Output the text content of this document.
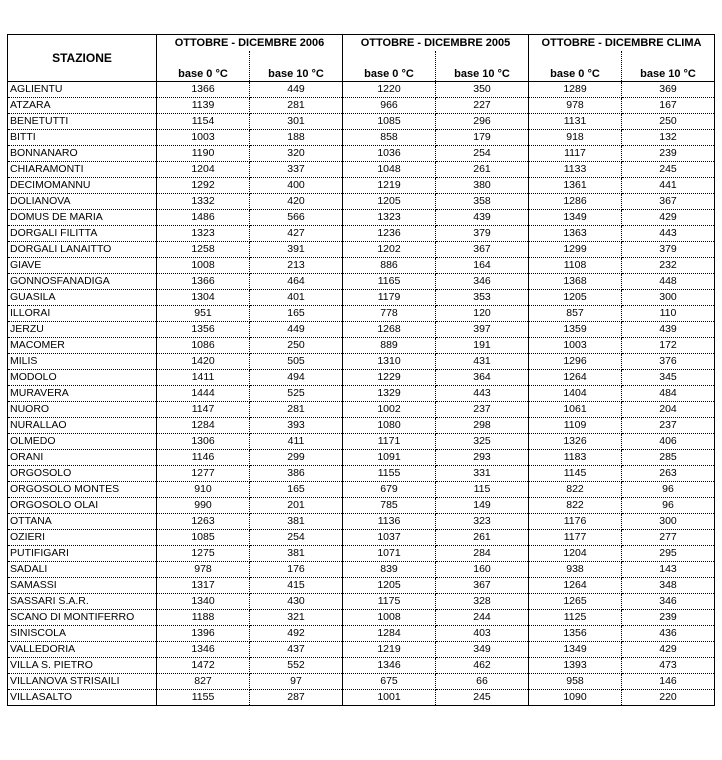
STAZIONE	OTTOBRE - DICEMBRE 2006		OTTOBRE - DICEMBRE 2005		OTTOBRE - DICEMBRE CLIMA	
	base 0 °C	base 10 °C	base 0 °C	base 10 °C	base 0 °C	base 10 °C
AGLIENTU	1366	449	1220	350	1289	369
ATZARA	1139	281	966	227	978	167
BENETUTTI	1154	301	1085	296	1131	250
BITTI	1003	188	858	179	918	132
BONNANARO	1190	320	1036	254	1117	239
CHIARAMONTI	1204	337	1048	261	1133	245
DECIMOMANNU	1292	400	1219	380	1361	441
DOLIANOVA	1332	420	1205	358	1286	367
DOMUS DE MARIA	1486	566	1323	439	1349	429
DORGALI FILITTA	1323	427	1236	379	1363	443
DORGALI LANAITTO	1258	391	1202	367	1299	379
GIAVE	1008	213	886	164	1108	232
GONNOSFANADIGA	1366	464	1165	346	1368	448
GUASILA	1304	401	1179	353	1205	300
ILLORAI	951	165	778	120	857	110
JERZU	1356	449	1268	397	1359	439
MACOMER	1086	250	889	191	1003	172
MILIS	1420	505	1310	431	1296	376
MODOLO	1411	494	1229	364	1264	345
MURAVERA	1444	525	1329	443	1404	484
NUORO	1147	281	1002	237	1061	204
NURALLAO	1284	393	1080	298	1109	237
OLMEDO	1306	411	1171	325	1326	406
ORANI	1146	299	1091	293	1183	285
ORGOSOLO	1277	386	1155	331	1145	263
ORGOSOLO MONTES	910	165	679	115	822	96
ORGOSOLO OLAI	990	201	785	149	822	96
OTTANA	1263	381	1136	323	1176	300
OZIERI	1085	254	1037	261	1177	277
PUTIFIGARI	1275	381	1071	284	1204	295
SADALI	978	176	839	160	938	143
SAMASSI	1317	415	1205	367	1264	348
SASSARI S.A.R.	1340	430	1175	328	1265	346
SCANO DI MONTIFERRO	1188	321	1008	244	1125	239
SINISCOLA	1396	492	1284	403	1356	436
VALLEDORIA	1346	437	1219	349	1349	429
VILLA S. PIETRO	1472	552	1346	462	1393	473
VILLANOVA STRISAILI	827	97	675	66	958	146
VILLASALTO	1155	287	1001	245	1090	220
